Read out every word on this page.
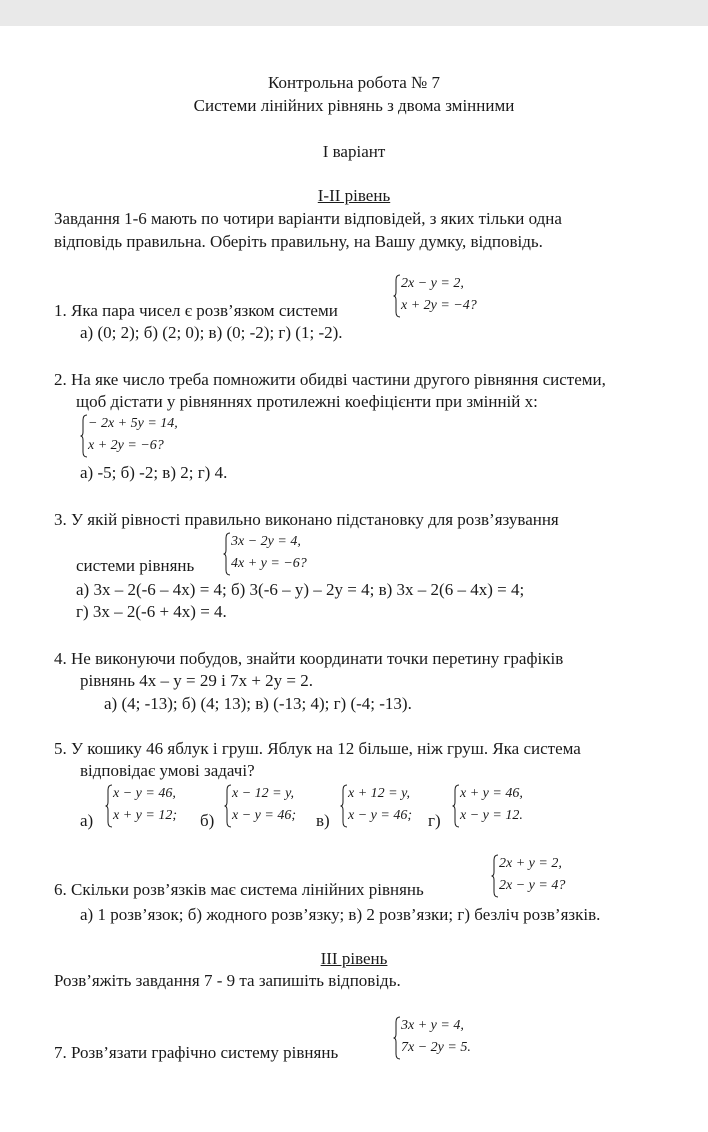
Контрольна робота № 7
Системи лінійних рівнянь з двома змінними
І варіант
І-ІІ рівень
Завдання 1-6 мають по чотири варіанти відповідей, з яких тільки одна
відповідь правильна. Оберіть правильну, на Вашу думку, відповідь.
1. Яка пара чисел є розв’язком системи
2x − y = 2,
x + 2y = −4?
а) (0; 2); б) (2; 0); в) (0; -2); г) (1; -2).
2. На яке число треба помножити обидві частини другого рівняння системи,
щоб дістати у рівняннях протилежні коефіцієнти при змінній х:
− 2x + 5y = 14,
x + 2y = −6?
а) -5; б) -2; в) 2; г) 4.
3. У якій рівності правильно виконано підстановку для розв’язування
3x − 2y = 4,
4x + y = −6?
системи рівнянь
а) 3х – 2(-6 – 4х) = 4; б) 3(-6 – у) – 2у = 4; в) 3х – 2(6 – 4х) = 4;
г) 3х – 2(-6 + 4х) = 4.
4. Не виконуючи побудов, знайти координати точки перетину графіків
рівнянь 4х – у = 29 і 7х + 2у = 2.
а) (4; -13); б) (4; 13); в) (-13; 4); г) (-4; -13).
5. У кошику 46 яблук і груш. Яблук на 12 більше, ніж груш. Яка система
відповідає умові задачі?
а)
x − y = 46,
x + y = 12; б)
x − 12 = y,
x − y = 46; в)
x + 12 = y,
x − y = 46; г)
x + y = 46,
x − y = 12.
2x + y = 2,
2x − y = 4?
6. Скільки розв’язків має система лінійних рівнянь
а) 1 розв’язок; б) жодного розв’язку; в) 2 розв’язки; г) безліч розв’язків.
ІІІ рівень
Розв’яжіть завдання 7 - 9 та запишіть відповідь.
3x + y = 4,
7x − 2y = 5.
7. Розв’язати графічно систему рівнянь
